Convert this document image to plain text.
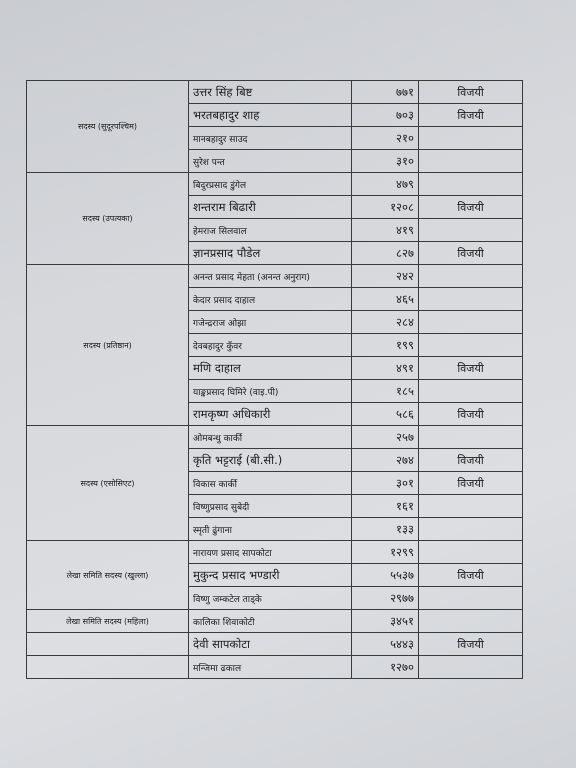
सदस्य (सुदूरपश्चिम)	उत्तर सिंह बिष्ट	७७१	विजयी
	भरतबहादुर शाह	७०३	विजयी
	मानबहादुर साउद	२१०	
	सुरेश पन्त	३१०	
सदस्य (उपत्यका)	बिदुरप्रसाद डुंगेल	४७९	
	शन्तराम बिढारी	१२०८	विजयी
	हेमराज सिलवाल	४१९	
	ज्ञानप्रसाद पौडेल	८२७	विजयी
सदस्य (प्रतिष्ठान)	अनन्त प्रसाद मेहता (अनन्त अनुराग)	२४२	
	केदार प्रसाद दाहाल	४६५	
	गजेन्द्रराज ओझा	२८४	
	देवबहादुर कुँवर	१९९	
	मणि दाहाल	४९१	विजयी
	याङ्कप्रसाद घिमिरे (वाइ.पी)	१८५	
	रामकृष्ण अधिकारी	५८६	विजयी
सदस्य (एसोसिएट)	ओमबन्धु कार्की	२५७	
	कृति भट्टराई (बी.सी.)	२७४	विजयी
	विकास कार्की	३०१	विजयी
	विष्णुप्रसाद सुबेदी	१६१	
	स्मृती ढुंगाना	१३३	
लेखा समिति सदस्य (खुल्ला)	नारायण प्रसाद सापकोटा	१२९९	
	मुकुन्द प्रसाद भण्डारी	५५३७	विजयी
	विष्णु जम्कटेल ताड्के	२९७७	
लेखा समिति सदस्य (महिला)	कालिका शिवाकोटी	३४५१	
	देवी सापकोटा	५४४३	विजयी
	मन्जिमा ढकाल	१२७०	
